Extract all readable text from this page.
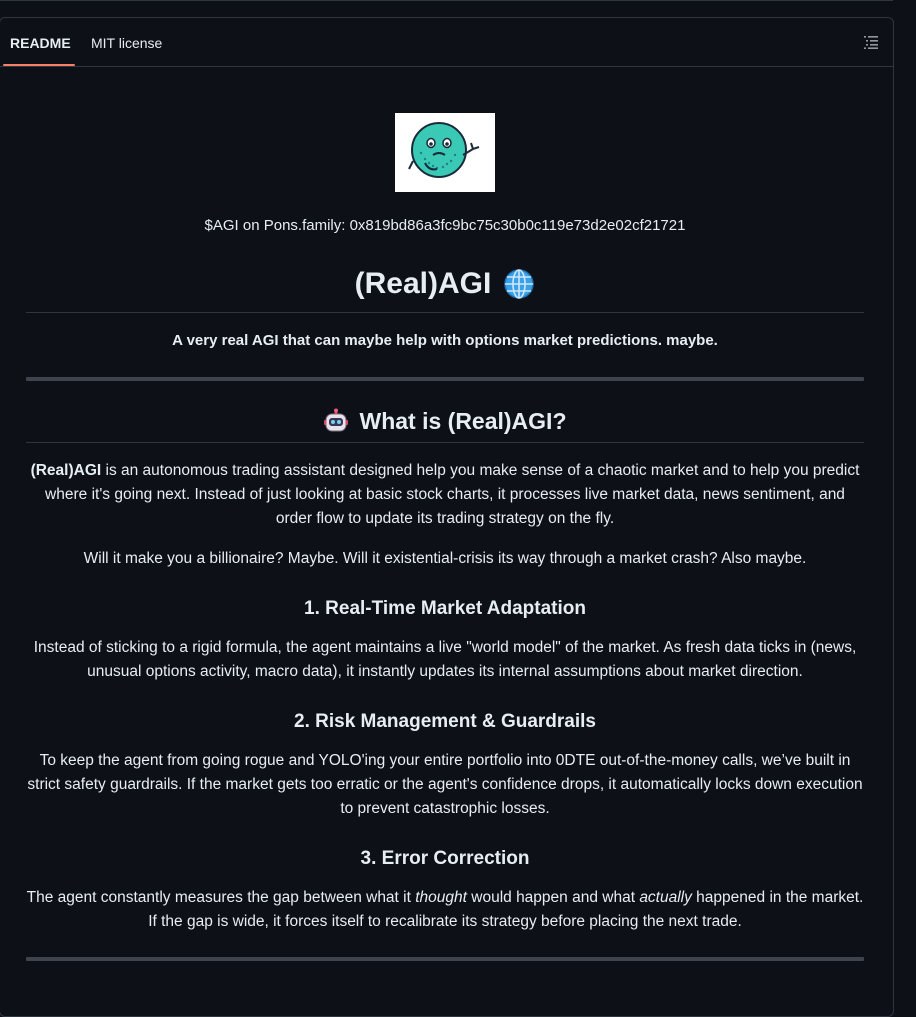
README MIT license
$AGI on Pons.family: 0x819bd86a3fc9bc75c30b0c119e73d2e02cf21721
(Real)AGI
A very real AGI that can maybe help with options market predictions. maybe.
What is (Real)AGI?
(Real)AGI is an autonomous trading assistant designed help you make sense of a chaotic market and to help you predict where it's going next. Instead of just looking at basic stock charts, it processes live market data, news sentiment, and order flow to update its trading strategy on the fly.
Will it make you a billionaire? Maybe. Will it existential-crisis its way through a market crash? Also maybe.
1. Real-Time Market Adaptation
Instead of sticking to a rigid formula, the agent maintains a live "world model" of the market. As fresh data ticks in (news, unusual options activity, macro data), it instantly updates its internal assumptions about market direction.
2. Risk Management & Guardrails
To keep the agent from going rogue and YOLO'ing your entire portfolio into 0DTE out-of-the-money calls, we’ve built in strict safety guardrails. If the market gets too erratic or the agent's confidence drops, it automatically locks down execution to prevent catastrophic losses.
3. Error Correction
The agent constantly measures the gap between what it thought would happen and what actually happened in the market. If the gap is wide, it forces itself to recalibrate its strategy before placing the next trade.
